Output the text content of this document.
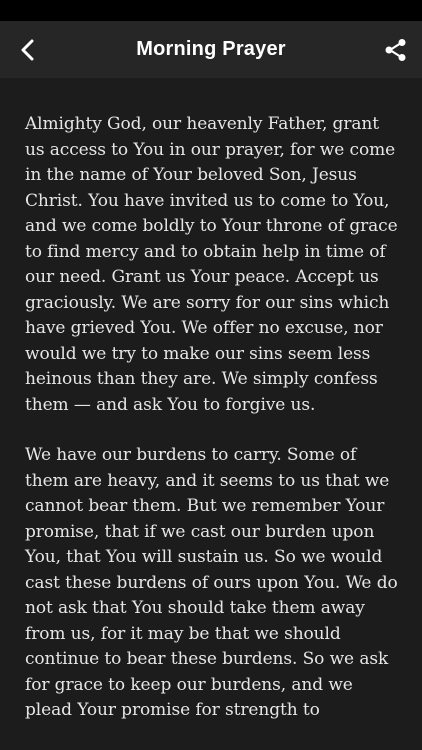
Morning Prayer

Almighty God, our heavenly Father, grant us access to You in our prayer, for we come in the name of Your beloved Son, Jesus Christ. You have invited us to come to You, and we come boldly to Your throne of grace to find mercy and to obtain help in time of our need. Grant us Your peace. Accept us graciously. We are sorry for our sins which have grieved You. We offer no excuse, nor would we try to make our sins seem less heinous than they are. We simply confess them — and ask You to forgive us.

We have our burdens to carry. Some of them are heavy, and it seems to us that we cannot bear them. But we remember Your promise, that if we cast our burden upon You, that You will sustain us. So we would cast these burdens of ours upon You. We do not ask that You should take them away from us, for it may be that we should continue to bear these burdens. So we ask for grace to keep our burdens, and we plead Your promise for strength to
